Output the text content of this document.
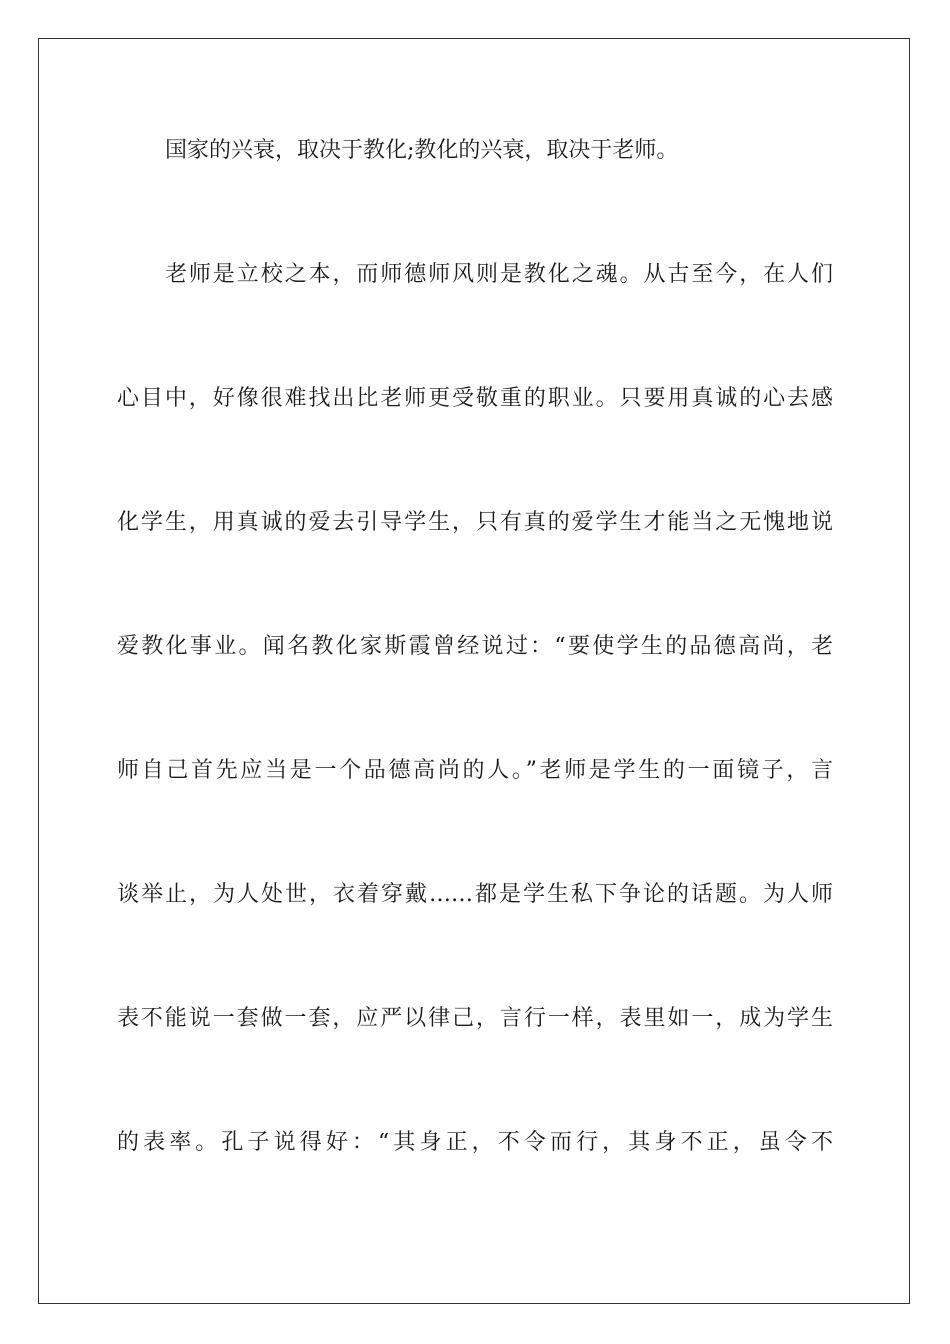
国家的兴衰，取决于教化;教化的兴衰，取决于老师。
老师是立校之本，而师德师风则是教化之魂。从古至今，在人们
心目中，好像很难找出比老师更受敬重的职业。只要用真诚的心去感
化学生，用真诚的爱去引导学生，只有真的爱学生才能当之无愧地说
爱教化事业。闻名教化家斯霞曾经说过：“要使学生的品德高尚，老
师自己首先应当是一个品德高尚的人。”老师是学生的一面镜子，言
谈举止，为人处世，衣着穿戴……都是学生私下争论的话题。为人师
表不能说一套做一套，应严以律己，言行一样，表里如一，成为学生
的表率。孔子说得好：“其身正，不令而行，其身不正，虽令不
